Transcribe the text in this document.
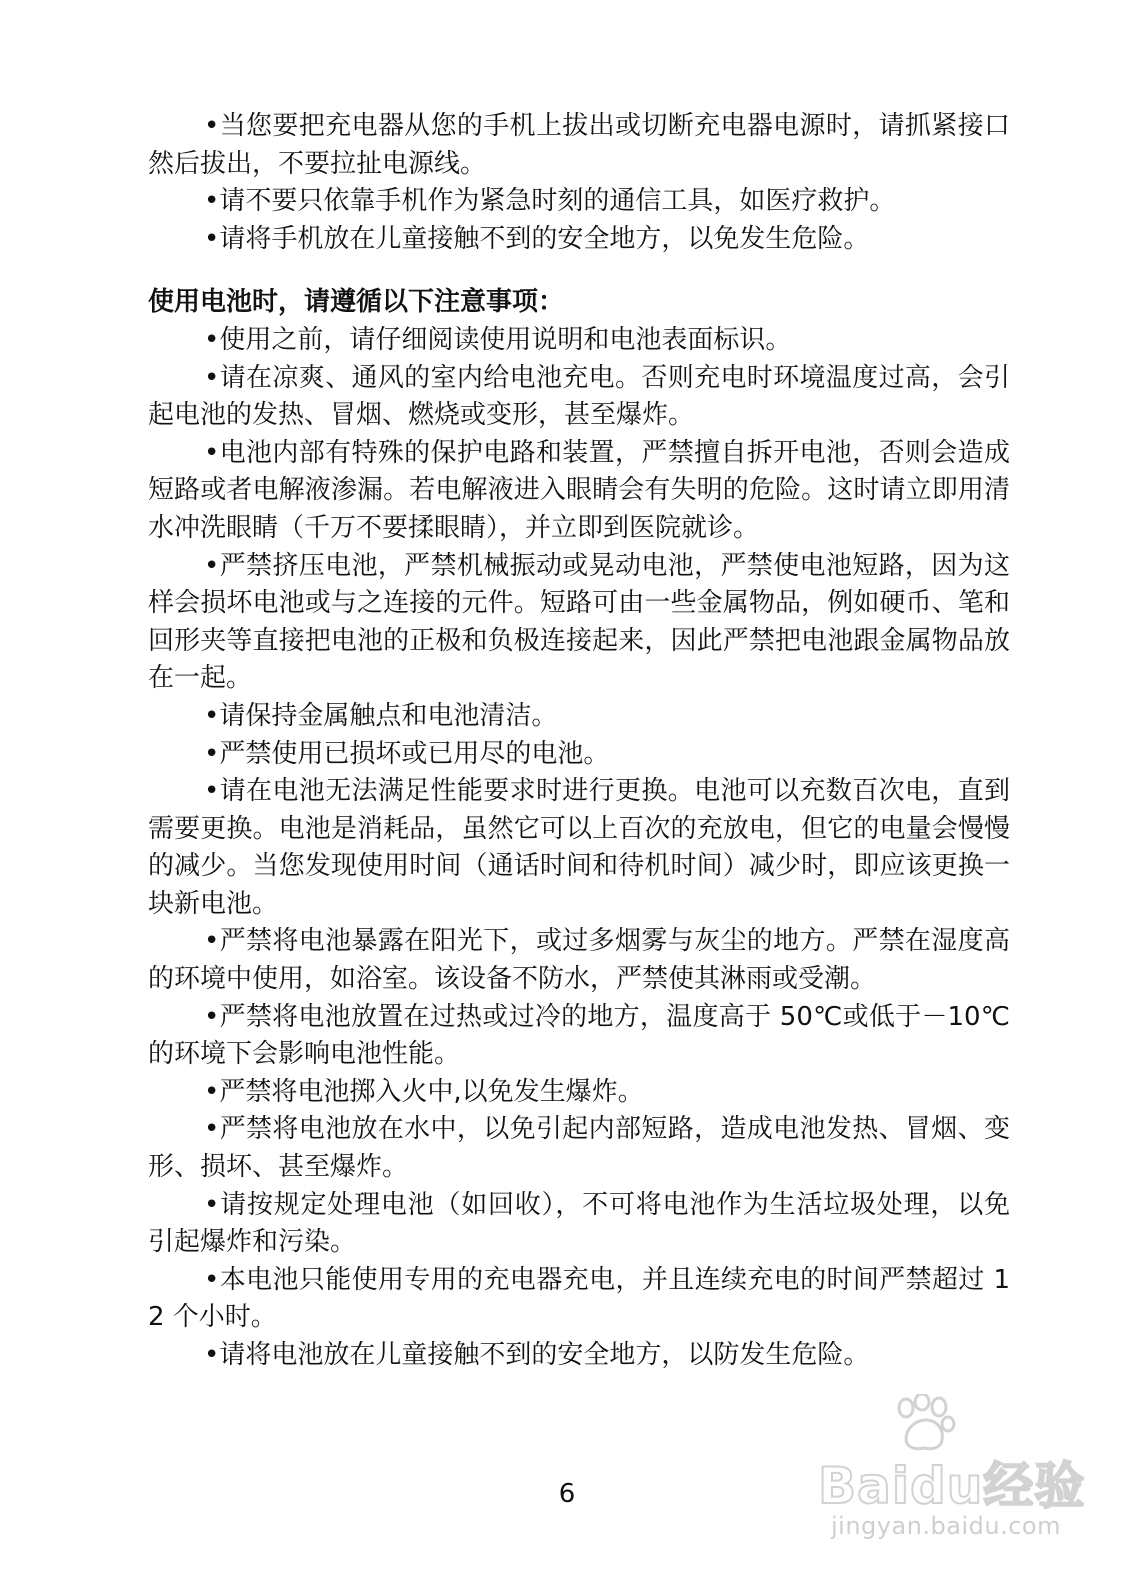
•当您要把充电器从您的手机上拔出或切断充电器电源时，请抓紧接口然后拔出，不要拉扯电源线。

•请不要只依靠手机作为紧急时刻的通信工具，如医疗救护。

•请将手机放在儿童接触不到的安全地方，以免发生危险。

使用电池时，请遵循以下注意事项：

•使用之前，请仔细阅读使用说明和电池表面标识。

•请在凉爽、通风的室内给电池充电。否则充电时环境温度过高，会引起电池的发热、冒烟、燃烧或变形，甚至爆炸。

•电池内部有特殊的保护电路和装置，严禁擅自拆开电池，否则会造成短路或者电解液渗漏。若电解液进入眼睛会有失明的危险。这时请立即用清水冲洗眼睛（千万不要揉眼睛），并立即到医院就诊。

•严禁挤压电池，严禁机械振动或晃动电池，严禁使电池短路，因为这样会损坏电池或与之连接的元件。短路可由一些金属物品，例如硬币、笔和回形夹等直接把电池的正极和负极连接起来，因此严禁把电池跟金属物品放在一起。

•请保持金属触点和电池清洁。

•严禁使用已损坏或已用尽的电池。

•请在电池无法满足性能要求时进行更换。电池可以充数百次电，直到需要更换。电池是消耗品，虽然它可以上百次的充放电，但它的电量会慢慢的减少。当您发现使用时间（通话时间和待机时间）减少时，即应该更换一块新电池。

•严禁将电池暴露在阳光下，或过多烟雾与灰尘的地方。严禁在湿度高的环境中使用，如浴室。该设备不防水，严禁使其淋雨或受潮。

•严禁将电池放置在过热或过冷的地方，温度高于 50℃或低于－10℃的环境下会影响电池性能。

•严禁将电池掷入火中,以免发生爆炸。

•严禁将电池放在水中，以免引起内部短路，造成电池发热、冒烟、变形、损坏、甚至爆炸。

•请按规定处理电池（如回收），不可将电池作为生活垃圾处理，以免引起爆炸和污染。

•本电池只能使用专用的充电器充电，并且连续充电的时间严禁超过 12 个小时。

•请将电池放在儿童接触不到的安全地方，以防发生危险。

6	Baidu经验
jingyan.baidu.com
